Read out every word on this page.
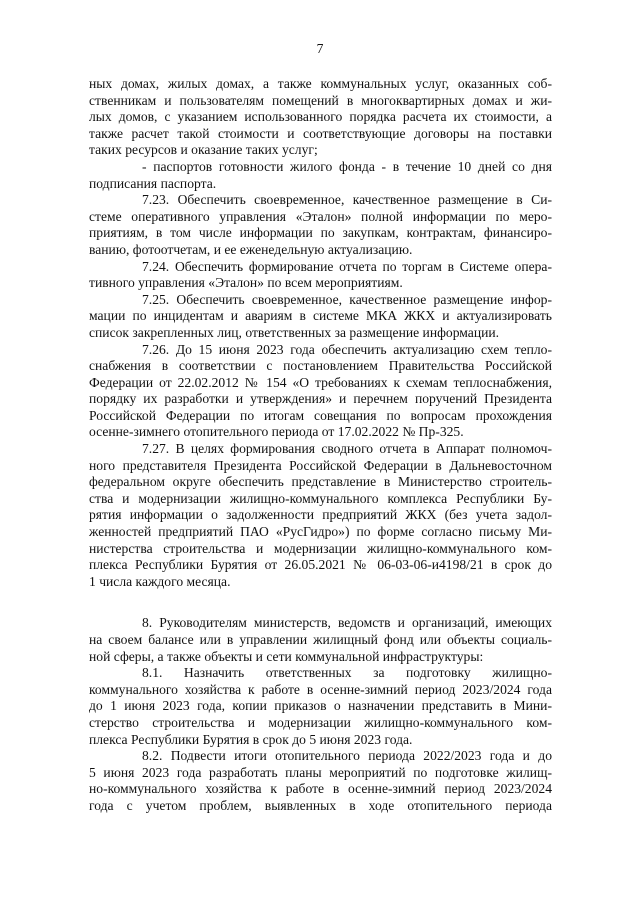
7
ных домах, жилых домах, а также коммунальных услуг, оказанных соб-
ственникам и пользователям помещений в многоквартирных домах и жи-
лых домов, с указанием использованного порядка расчета их стоимости, а
также расчет такой стоимости и соответствующие договоры на поставки
таких ресурсов и оказание таких услуг;
- паспортов готовности жилого фонда - в течение 10 дней со дня
подписания паспорта.
7.23. Обеспечить своевременное, качественное размещение в Си-
стеме оперативного управления «Эталон» полной информации по меро-
приятиям, в том числе информации по закупкам, контрактам, финансиро-
ванию, фотоотчетам, и ее еженедельную актуализацию.
7.24. Обеспечить формирование отчета по торгам в Системе опера-
тивного управления «Эталон» по всем мероприятиям.
7.25. Обеспечить своевременное, качественное размещение инфор-
мации по инцидентам и авариям в системе МКА ЖКХ и актуализировать
список закрепленных лиц, ответственных за размещение информации.
7.26. До 15 июня 2023 года обеспечить актуализацию схем тепло-
снабжения в соответствии с постановлением Правительства Российской
Федерации от 22.02.2012 № 154 «О требованиях к схемам теплоснабжения,
порядку их разработки и утверждения» и перечнем поручений Президента
Российской Федерации по итогам совещания по вопросам прохождения
осенне-зимнего отопительного периода от 17.02.2022 № Пр-325.
7.27. В целях формирования сводного отчета в Аппарат полномоч-
ного представителя Президента Российской Федерации в Дальневосточном
федеральном округе обеспечить представление в Министерство строитель-
ства и модернизации жилищно-коммунального комплекса Республики Бу-
рятия информации о задолженности предприятий ЖКХ (без учета задол-
женностей предприятий ПАО «РусГидро») по форме согласно письму Ми-
нистерства строительства и модернизации жилищно-коммунального ком-
плекса Республики Бурятия от 26.05.2021 № 06-03-06-и4198/21 в срок до
1 числа каждого месяца.
8. Руководителям министерств, ведомств и организаций, имеющих
на своем балансе или в управлении жилищный фонд или объекты социаль-
ной сферы, а также объекты и сети коммунальной инфраструктуры:
8.1. Назначить ответственных за подготовку жилищно-
коммунального хозяйства к работе в осенне-зимний период 2023/2024 года
до 1 июня 2023 года, копии приказов о назначении представить в Мини-
стерство строительства и модернизации жилищно-коммунального ком-
плекса Республики Бурятия в срок до 5 июня 2023 года.
8.2. Подвести итоги отопительного периода 2022/2023 года и до
5 июня 2023 года разработать планы мероприятий по подготовке жилищ-
но-коммунального хозяйства к работе в осенне-зимний период 2023/2024
года с учетом проблем, выявленных в ходе отопительного периода
